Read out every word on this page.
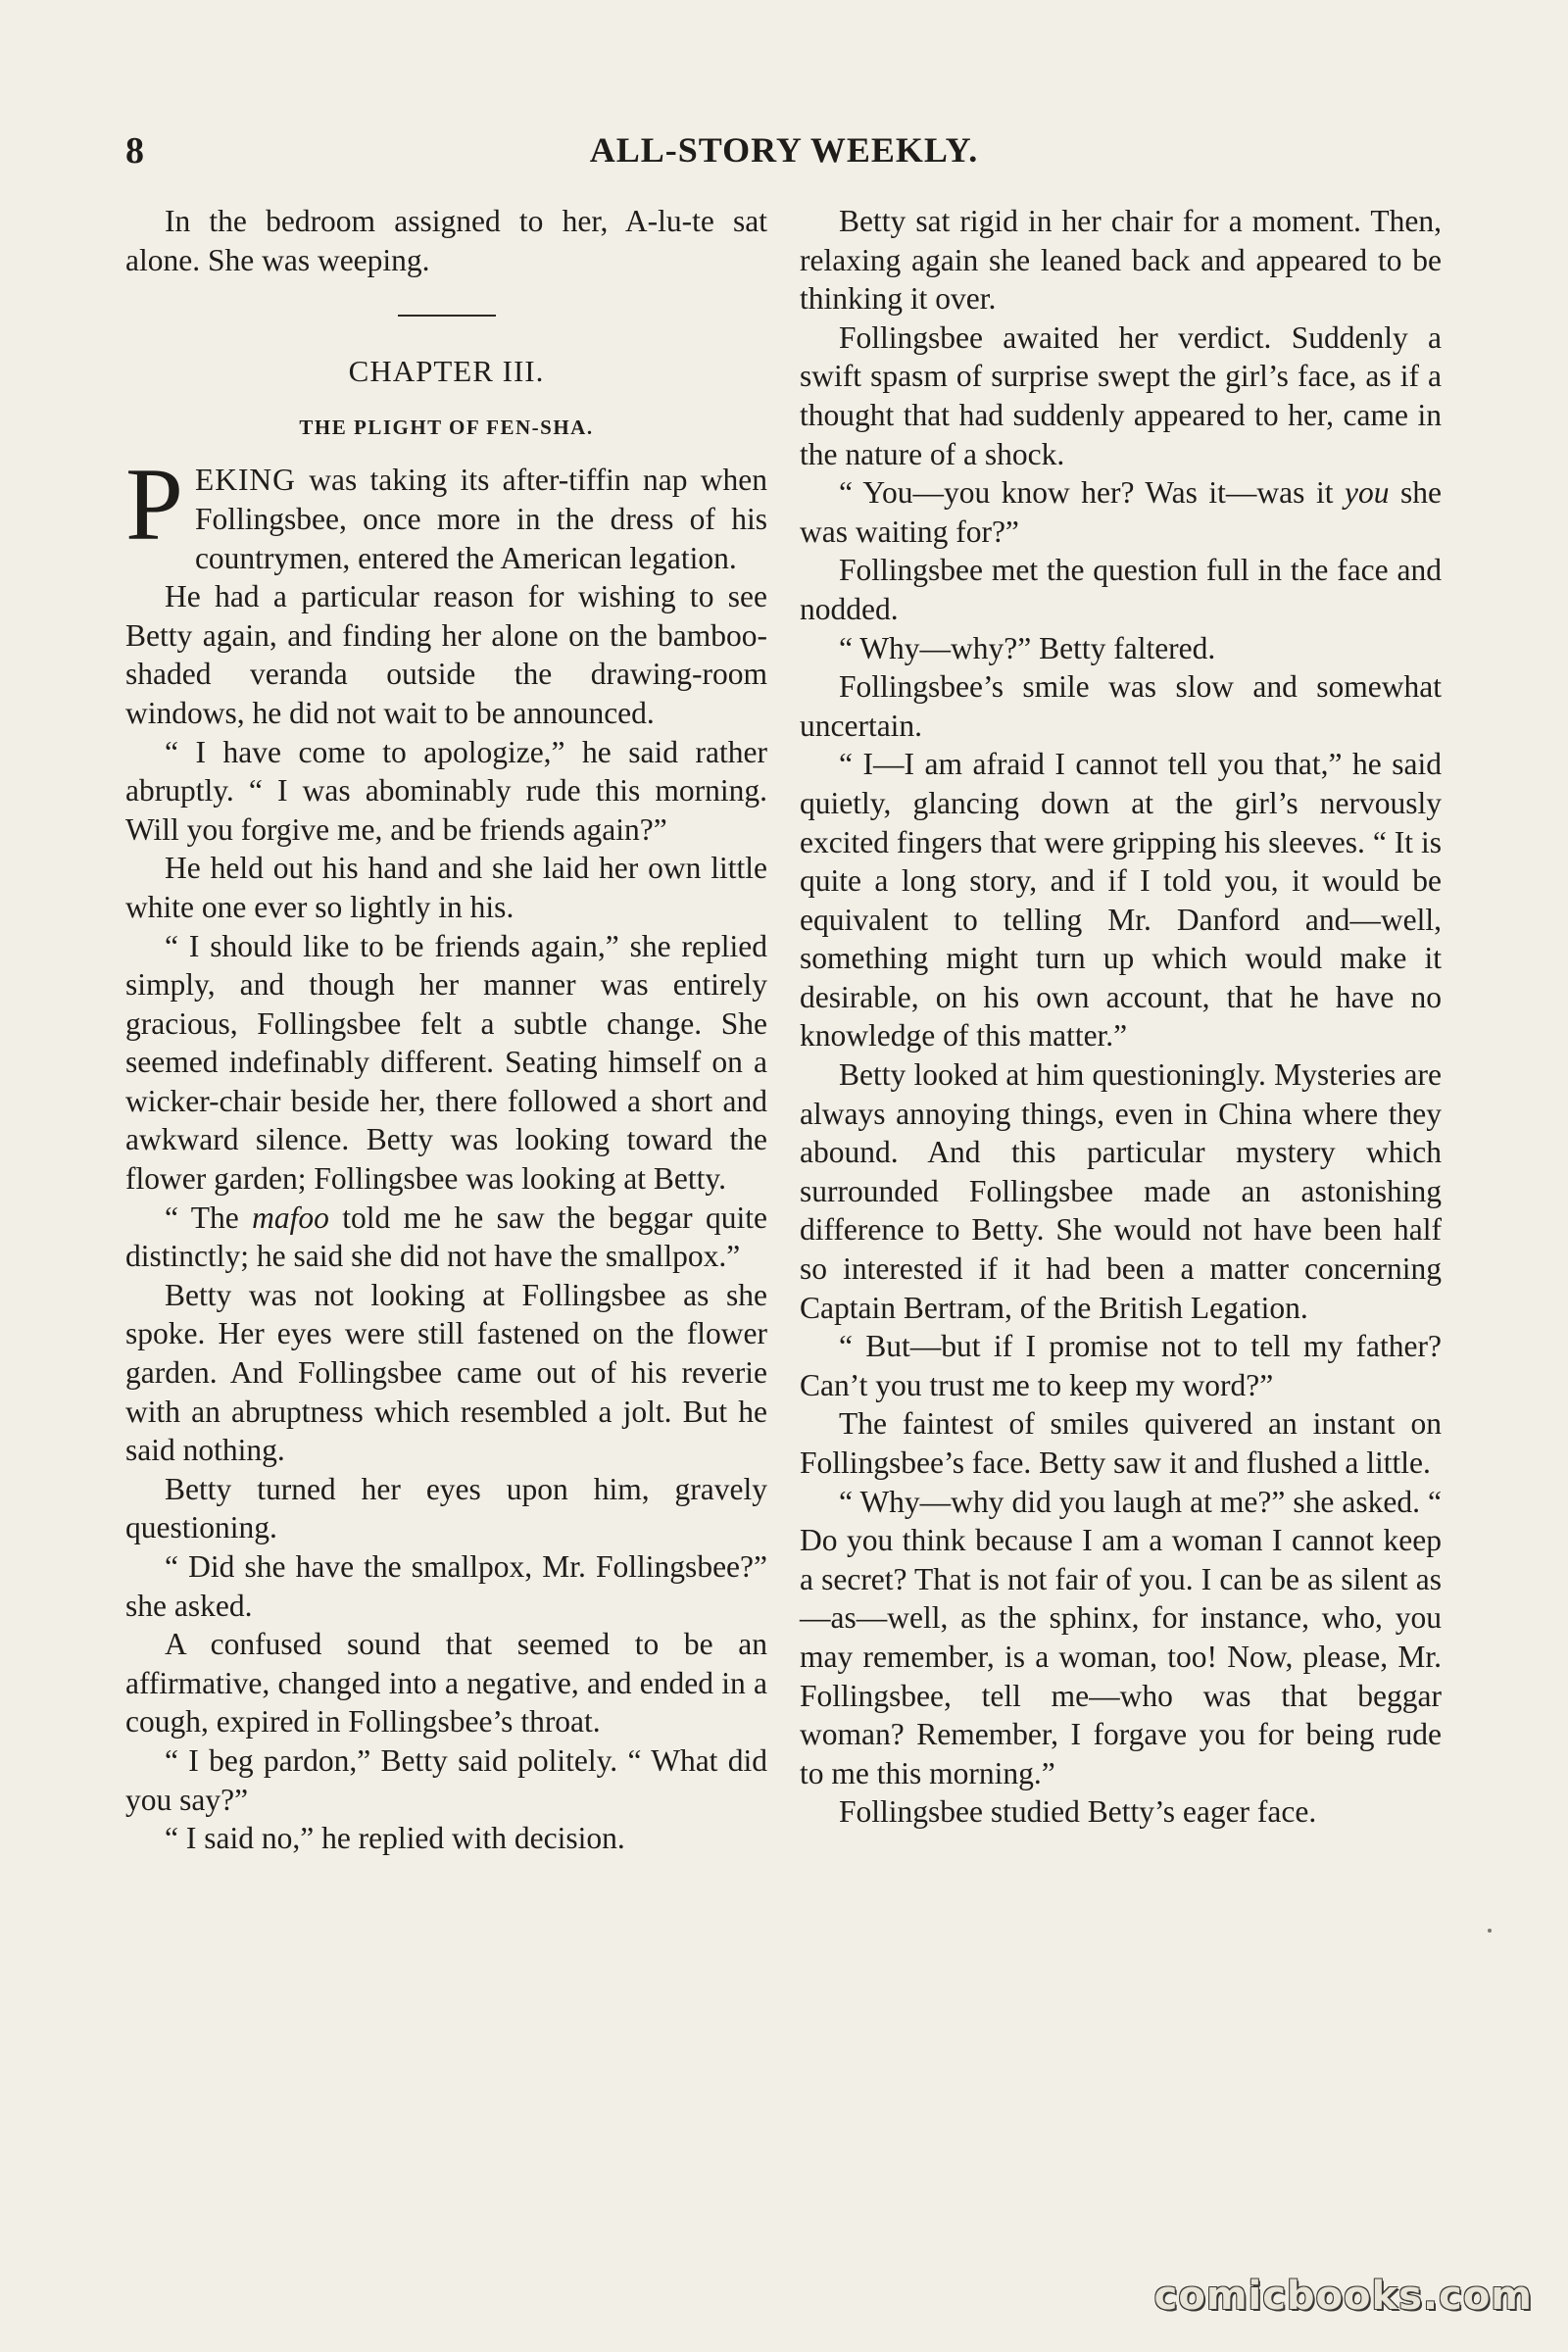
8	ALL-STORY WEEKLY.

In the bedroom assigned to her, A-lu-te sat alone. She was weeping.

CHAPTER III.
THE PLIGHT OF FEN-SHA.

PEKING was taking its after-tiffin nap when Follingsbee, once more in the dress of his countrymen, entered the American legation.

He had a particular reason for wishing to see Betty again, and finding her alone on the bamboo-shaded veranda outside the drawing-room windows, he did not wait to be announced.

“ I have come to apologize,” he said rather abruptly. “ I was abominably rude this morning. Will you forgive me, and be friends again?”

He held out his hand and she laid her own little white one ever so lightly in his.

“ I should like to be friends again,” she replied simply, and though her manner was entirely gracious, Follingsbee felt a subtle change. She seemed indefinably different. Seating himself on a wicker-chair beside her, there followed a short and awkward silence. Betty was looking toward the flower garden; Follingsbee was looking at Betty.

“ The mafoo told me he saw the beggar quite distinctly; he said she did not have the smallpox.”

Betty was not looking at Follingsbee as she spoke. Her eyes were still fastened on the flower garden. And Follingsbee came out of his reverie with an abruptness which resembled a jolt. But he said nothing.

Betty turned her eyes upon him, gravely questioning.

“ Did she have the smallpox, Mr. Follingsbee?” she asked.

A confused sound that seemed to be an affirmative, changed into a negative, and ended in a cough, expired in Follingsbee’s throat.

“ I beg pardon,” Betty said politely. “ What did you say?”

“ I said no,” he replied with decision.

Betty sat rigid in her chair for a moment. Then, relaxing again she leaned back and appeared to be thinking it over.

Follingsbee awaited her verdict. Suddenly a swift spasm of surprise swept the girl’s face, as if a thought that had suddenly appeared to her, came in the nature of a shock.

“ You—you know her? Was it—was it you she was waiting for?”

Follingsbee met the question full in the face and nodded.

“ Why—why?” Betty faltered.

Follingsbee’s smile was slow and somewhat uncertain.

“ I—I am afraid I cannot tell you that,” he said quietly, glancing down at the girl’s nervously excited fingers that were gripping his sleeves. “ It is quite a long story, and if I told you, it would be equivalent to telling Mr. Danford and—well, something might turn up which would make it desirable, on his own account, that he have no knowledge of this matter.”

Betty looked at him questioningly. Mysteries are always annoying things, even in China where they abound. And this particular mystery which surrounded Follingsbee made an astonishing difference to Betty. She would not have been half so interested if it had been a matter concerning Captain Bertram, of the British Legation.

“ But—but if I promise not to tell my father? Can’t you trust me to keep my word?”

The faintest of smiles quivered an instant on Follingsbee’s face. Betty saw it and flushed a little.

“ Why—why did you laugh at me?” she asked. “ Do you think because I am a woman I cannot keep a secret? That is not fair of you. I can be as silent as—as—well, as the sphinx, for instance, who, you may remember, is a woman, too! Now, please, Mr. Follingsbee, tell me—who was that beggar woman? Remember, I forgave you for being rude to me this morning.”

Follingsbee studied Betty’s eager face.

comicbooks.com
